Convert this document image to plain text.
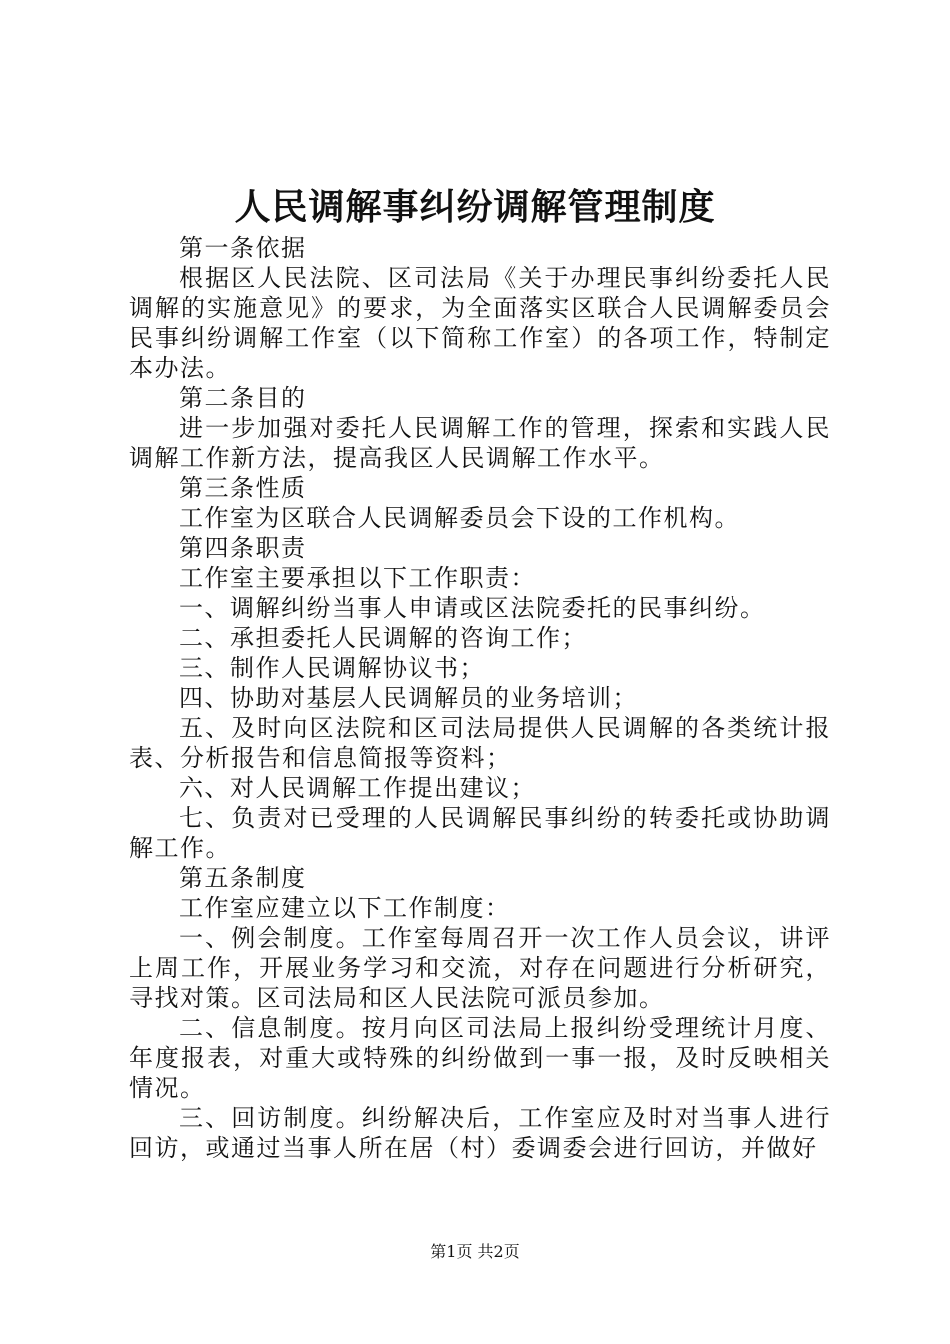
人民调解事纠纷调解管理制度

第一条依据

根据区人民法院、区司法局《关于办理民事纠纷委托人民调解的实施意见》的要求，为全面落实区联合人民调解委员会民事纠纷调解工作室（以下简称工作室）的各项工作，特制定本办法。

第二条目的

进一步加强对委托人民调解工作的管理，探索和实践人民调解工作新方法，提高我区人民调解工作水平。

第三条性质

工作室为区联合人民调解委员会下设的工作机构。

第四条职责

工作室主要承担以下工作职责：

一、调解纠纷当事人申请或区法院委托的民事纠纷。

二、承担委托人民调解的咨询工作；

三、制作人民调解协议书；

四、协助对基层人民调解员的业务培训；

五、及时向区法院和区司法局提供人民调解的各类统计报表、分析报告和信息简报等资料；

六、对人民调解工作提出建议；

七、负责对已受理的人民调解民事纠纷的转委托或协助调解工作。

第五条制度

工作室应建立以下工作制度：

一、例会制度。工作室每周召开一次工作人员会议，讲评上周工作，开展业务学习和交流，对存在问题进行分析研究，寻找对策。区司法局和区人民法院可派员参加。

二、信息制度。按月向区司法局上报纠纷受理统计月度、年度报表，对重大或特殊的纠纷做到一事一报，及时反映相关情况。

三、回访制度。纠纷解决后，工作室应及时对当事人进行回访，或通过当事人所在居（村）委调委会进行回访，并做好

第1页 共2页
